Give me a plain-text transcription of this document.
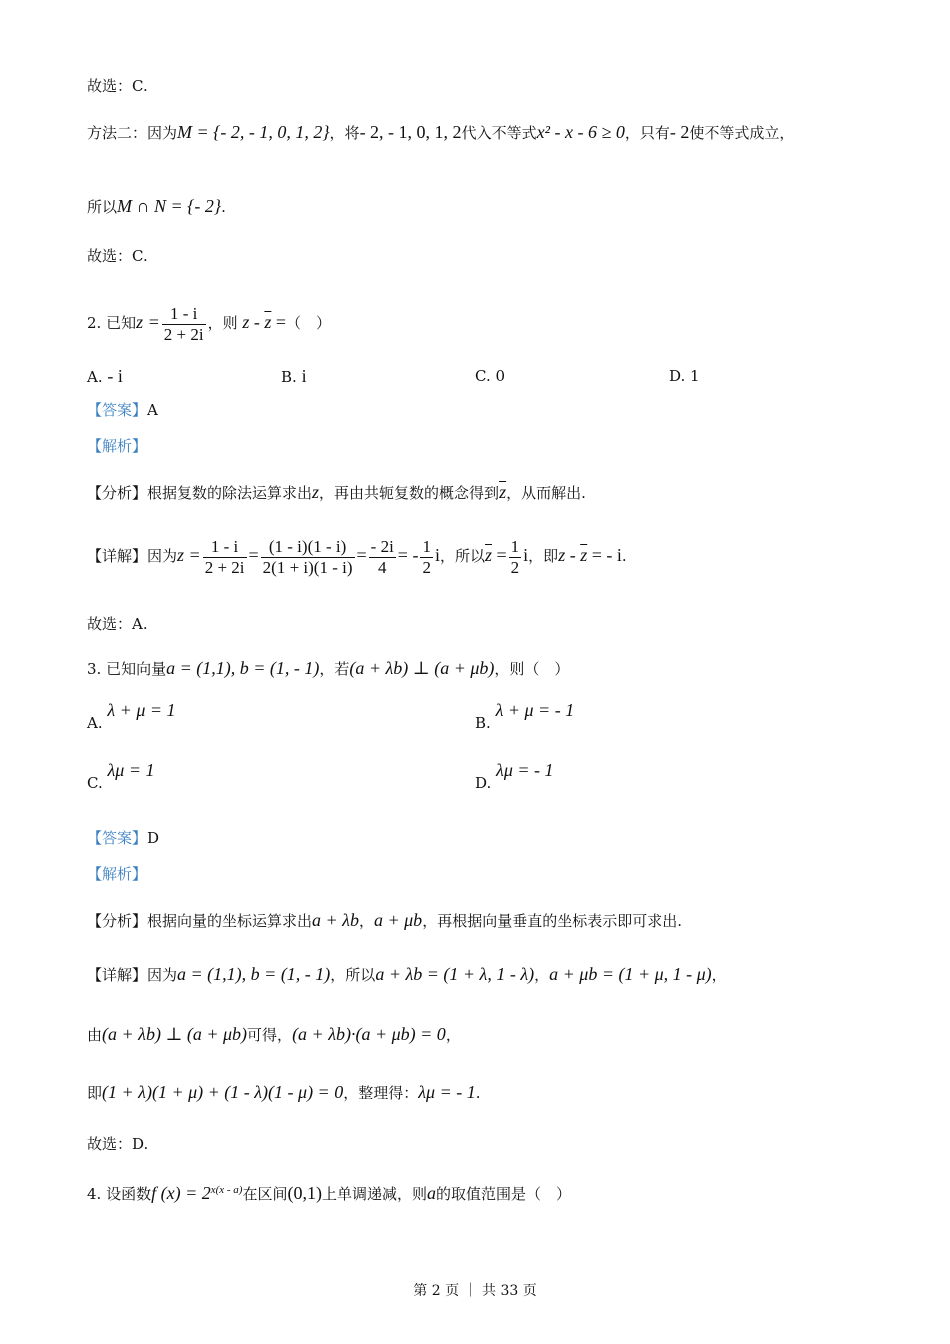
故选：C.
方法二：因为M = {- 2, - 1, 0, 1, 2}，将- 2, - 1, 0, 1, 2代入不等式x² - x - 6 ≥ 0，只有- 2使不等式成立，
所以M ∩ N = {- 2}.
故选：C.
2. 已知$z = \frac{1 - i}{2 + 2i}$ ，则 z - $\overline{z}$ =（　）
A. - i	B. i	C. 0	D. 1
【答案】A
【解析】
【分析】根据复数的除法运算求出z，再由共轭复数的概念得到$\overline{z}$，从而解出.
【详解】因为$z = \frac{1 - i}{2 + 2i} = \frac{(1 - i)(1 - i)}{2(1 + i)(1 - i)} = \frac{- 2i}{4}$ = - $\frac{1}{2}$ i，所以$\overline{z} = \frac{1}{2}$ i，即z - $\overline{z}$ = - i.
故选：A.
3. 已知向量a = (1,1), b = (1, - 1)，若(a + λb) ⊥ (a + μb)，则（　）
A. λ + μ = 1
B. λ + μ = - 1
C. λμ = 1
D. λμ = - 1
【答案】D
【解析】
【分析】根据向量的坐标运算求出a + λb，a + μb，再根据向量垂直的坐标表示即可求出.
【详解】因为a = (1,1), b = (1, - 1)，所以a + λb = (1 + λ, 1 - λ)，a + μb = (1 + μ, 1 - μ)，
由(a + λb) ⊥ (a + μb)可得，(a + λb)·(a + μb) = 0，
即(1 + λ)(1 + μ) + (1 - λ)(1 - μ) = 0，整理得：λμ = - 1.
故选：D.
4. 设函数f $(x) = 2^{x(x - a)}$在区间(0,1)上单调递减，则a的取值范围是（　）
第 2 页 ｜ 共 33 页
